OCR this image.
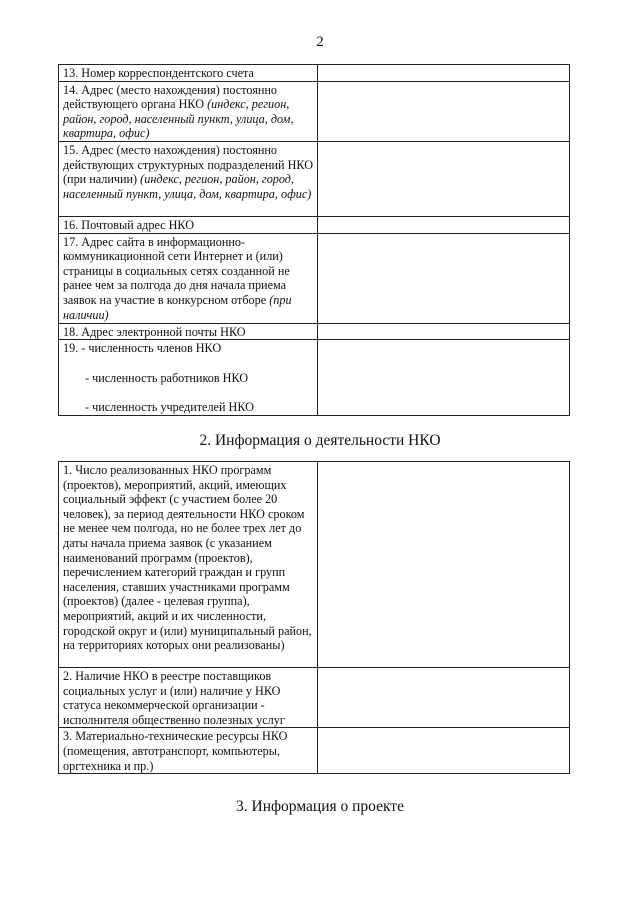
2
13. Номер корреспондентского счета	
14. Адрес (место нахождения) постоянно действующего органа НКО (индекс, регион, район, город, населенный пункт, улица, дом, квартира, офис)	
15. Адрес (место нахождения) постоянно действующих структурных подразделений НКО (при наличии) (индекс, регион, район, город, населенный пункт, улица, дом, квартира, офис)	
16. Почтовый адрес НКО	
17. Адрес сайта в информационно-коммуникационной сети Интернет и (или) страницы в социальных сетях созданной не ранее чем за полгода до дня начала приема заявок на участие в конкурсном отборе (при наличии)	
18. Адрес электронной почты НКО	

19. - численность членов НКО
- численность работников НКО
- численность учредителей НКО	

2. Информация о деятельности НКО
1. Число реализованных НКО программ (проектов), мероприятий, акций, имеющих социальный эффект (с участием более 20 человек), за период деятельности НКО сроком не менее чем полгода, но не более трех лет до даты начала приема заявок (с указанием наименований программ (проектов), перечислением категорий граждан и групп населения, ставших участниками программ (проектов) (далее - целевая группа), мероприятий, акций и их численности, городской округ и (или) муниципальный район, на территориях которых они реализованы)	
2. Наличие НКО в реестре поставщиков социальных услуг и (или) наличие у НКО статуса некоммерческой организации - исполнителя общественно полезных услуг	
3. Материально-технические ресурсы НКО (помещения, автотранспорт, компьютеры, оргтехника и пр.)	
3. Информация о проекте
